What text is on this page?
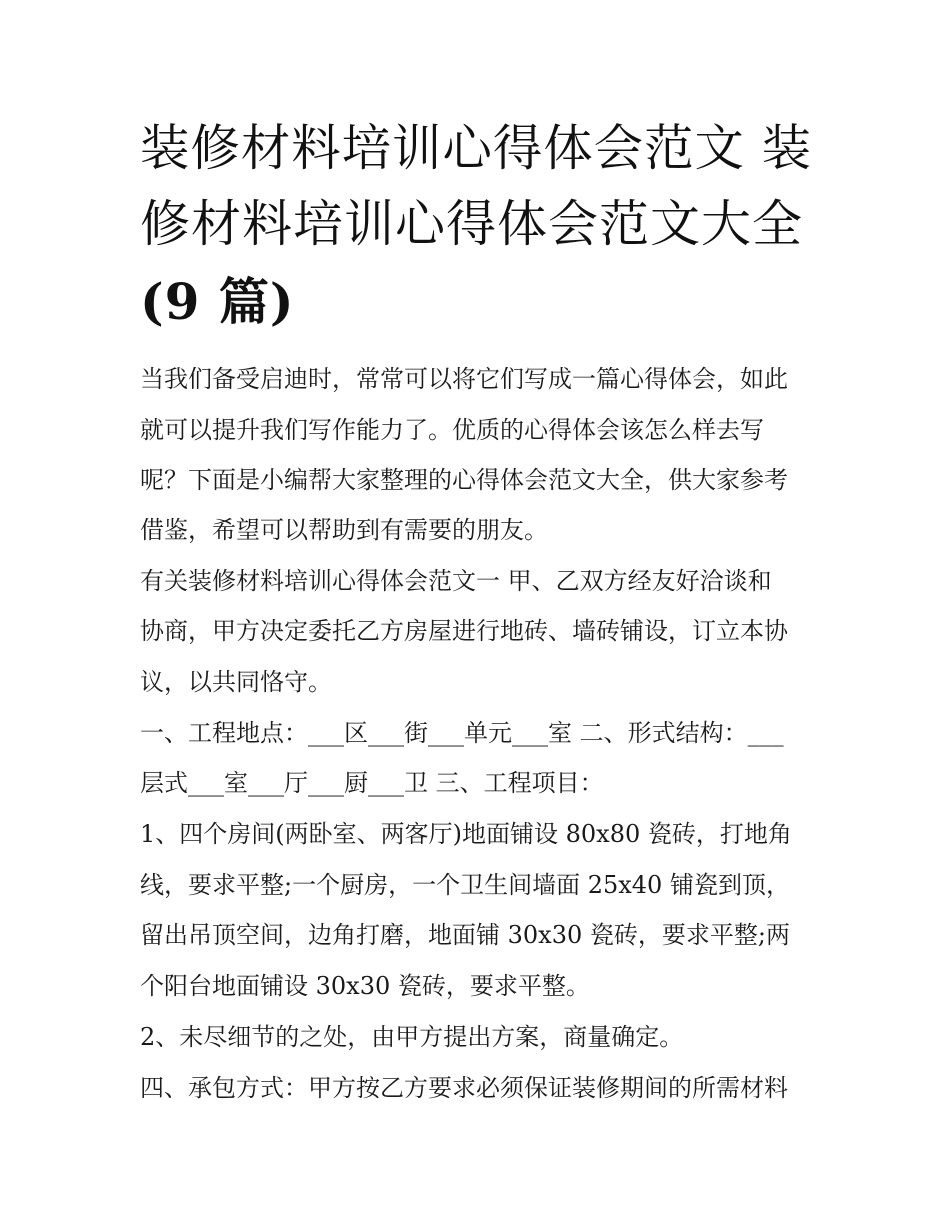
装修材料培训心得体会范文 装
修材料培训心得体会范文大全
(9 篇)
当我们备受启迪时，常常可以将它们写成一篇心得体会，如此
就可以提升我们写作能力了。优质的心得体会该怎么样去写
呢？下面是小编帮大家整理的心得体会范文大全，供大家参考
借鉴，希望可以帮助到有需要的朋友。
有关装修材料培训心得体会范文一 甲、乙双方经友好洽谈和
协商，甲方决定委托乙方房屋进行地砖、墙砖铺设，订立本协
议，以共同恪守。
一、工程地点：___区___街___单元___室 二、形式结构：___
层式___室___厅___厨___卫 三、工程项目：
1、四个房间(两卧室、两客厅)地面铺设 80x80 瓷砖，打地角
线，要求平整;一个厨房，一个卫生间墙面 25x40 铺瓷到顶，
留出吊顶空间，边角打磨，地面铺 30x30 瓷砖，要求平整;两
个阳台地面铺设 30x30 瓷砖，要求平整。
2、未尽细节的之处，由甲方提出方案，商量确定。
四、承包方式：甲方按乙方要求必须保证装修期间的所需材料
